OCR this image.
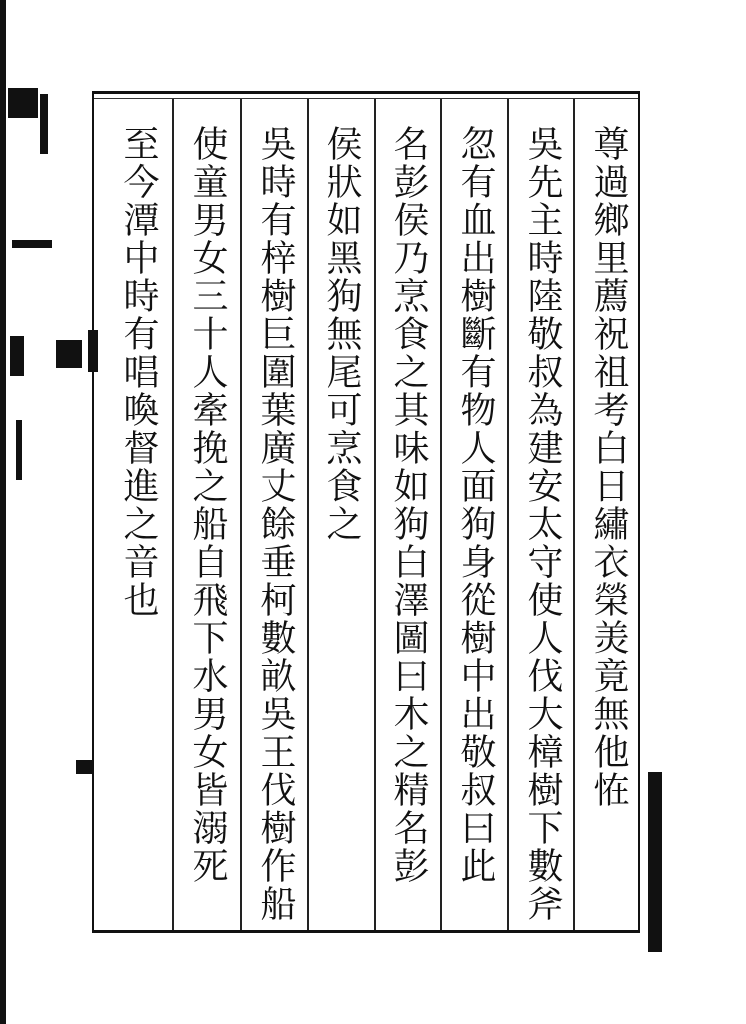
尊過鄉里薦祝祖考白日繡衣榮羙竟無他恠
吳先主時陸敬叔為建安太守使人伐大樟樹下數斧
忽有血出樹斷有物人面狗身從樹中出敬叔曰此
名彭侯乃烹食之其味如狗白澤圖曰木之精名彭
侯狀如黑狗無尾可烹食之
吳時有梓樹巨圍葉廣丈餘垂柯數畝吳王伐樹作船
使童男女三十人牽挽之船自飛下水男女皆溺死
至今潭中時有唱喚督進之音也
